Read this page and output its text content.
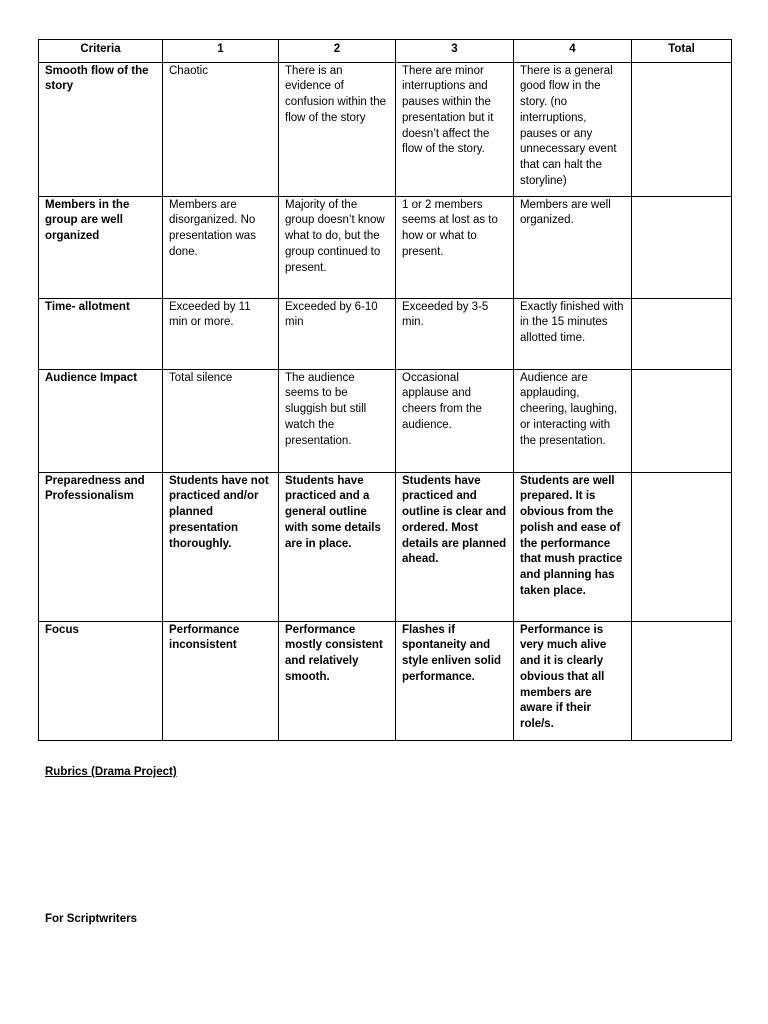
Criteria	1	2	3	4	Total
Smooth flow of the story	Chaotic	There is an evidence of confusion within the flow of the story	There are minor interruptions and pauses within the presentation but it doesn’t affect the flow of the story.	There is a general good flow in the story. (no interruptions, pauses or any unnecessary event that can halt the storyline)	
Members in the group are well organized	Members are disorganized. No presentation was done.	Majority of the group doesn’t know what to do, but the group continued to present.	1 or 2 members seems at lost as to how or what to present.	Members are well organized.	
Time- allotment	Exceeded by 11 min or more.	Exceeded by 6-10 min	Exceeded by 3-5 min.	Exactly finished with in the 15 minutes allotted time.	
Audience Impact	Total silence	The audience seems to be sluggish but still watch the presentation.	Occasional applause and cheers from the audience.	Audience are applauding, cheering, laughing, or interacting with the presentation.	
Preparedness and Professionalism	Students have not practiced and/or planned presentation thoroughly.	Students have practiced and a general outline with some details are in place.	Students have practiced and outline is clear and ordered. Most details are planned ahead.	Students are well prepared. It is obvious from the polish and ease of the performance that mush practice and planning has taken place.	
Focus	Performance inconsistent	Performance mostly consistent and relatively smooth.	Flashes if spontaneity and style enliven solid performance.	Performance is very much alive and it is clearly obvious that all members are aware if their role/s.	
Rubrics (Drama Project)
For Scriptwriters
